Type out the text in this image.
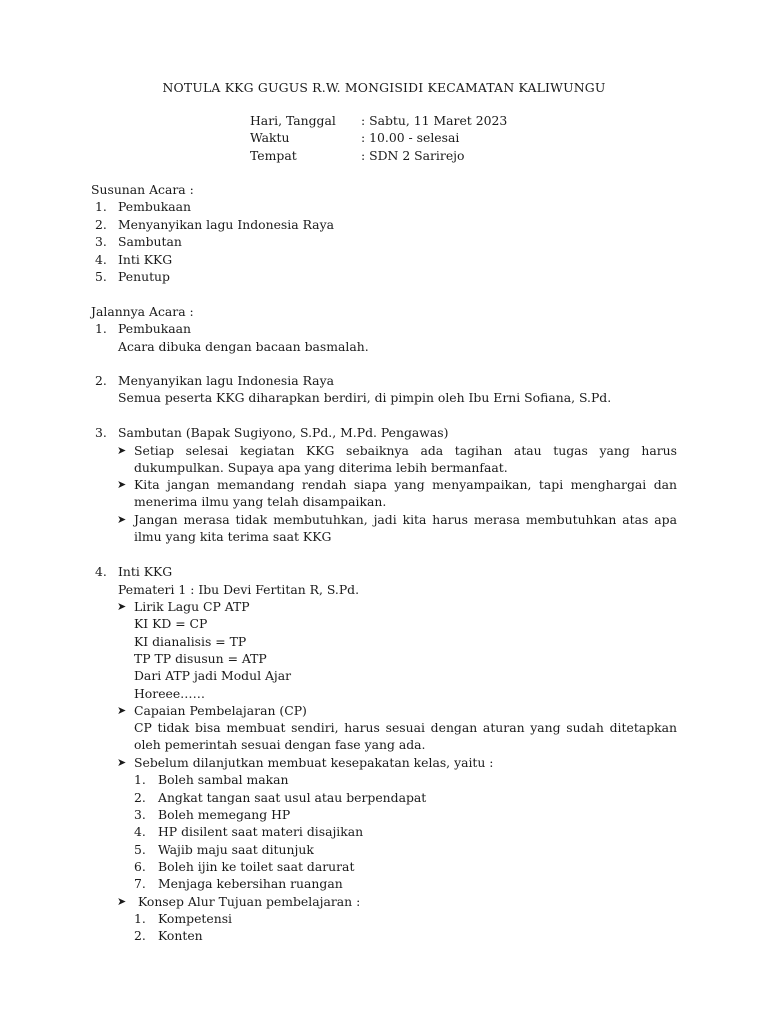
NOTULA KKG GUGUS R.W. MONGISIDI KECAMATAN KALIWUNGU
Hari, Tanggal : Sabtu, 11 Maret 2023
Waktu	: 10.00 - selesai
Tempat	: SDN 2 Sarirejo
Susunan Acara :
1. Pembukaan
2. Menyanyikan lagu Indonesia Raya
3. Sambutan
4. Inti KKG
5. Penutup
Jalannya Acara :
1. Pembukaan
Acara dibuka dengan bacaan basmalah.
2. Menyanyikan lagu Indonesia Raya
Semua peserta KKG diharapkan berdiri, di pimpin oleh Ibu Erni Sofiana, S.Pd.
3. Sambutan (Bapak Sugiyono, S.Pd., M.Pd. Pengawas)
➤ Setiap selesai kegiatan KKG sebaiknya ada tagihan atau tugas yang harus dukumpulkan. Supaya apa yang diterima lebih bermanfaat.
➤ Kita jangan memandang rendah siapa yang menyampaikan, tapi menghargai dan menerima ilmu yang telah disampaikan.
➤ Jangan merasa tidak membutuhkan, jadi kita harus merasa membutuhkan atas apa ilmu yang kita terima saat KKG
4. Inti KKG
Pemateri 1 : Ibu Devi Fertitan R, S.Pd.
➤ Lirik Lagu CP ATP
KI KD = CP
KI dianalisis = TP
TP TP disusun = ATP
Dari ATP jadi Modul Ajar
Horeee……
➤ Capaian Pembelajaran (CP)
CP tidak bisa membuat sendiri, harus sesuai dengan aturan yang sudah ditetapkan oleh pemerintah sesuai dengan fase yang ada.
➤ Sebelum dilanjutkan membuat kesepakatan kelas, yaitu :
1. Boleh sambal makan
2. Angkat tangan saat usul atau berpendapat
3. Boleh memegang HP
4. HP disilent saat materi disajikan
5. Wajib maju saat ditunjuk
6. Boleh ijin ke toilet saat darurat
7. Menjaga kebersihan ruangan
➤ Konsep Alur Tujuan pembelajaran :
1. Kompetensi
2. Konten
